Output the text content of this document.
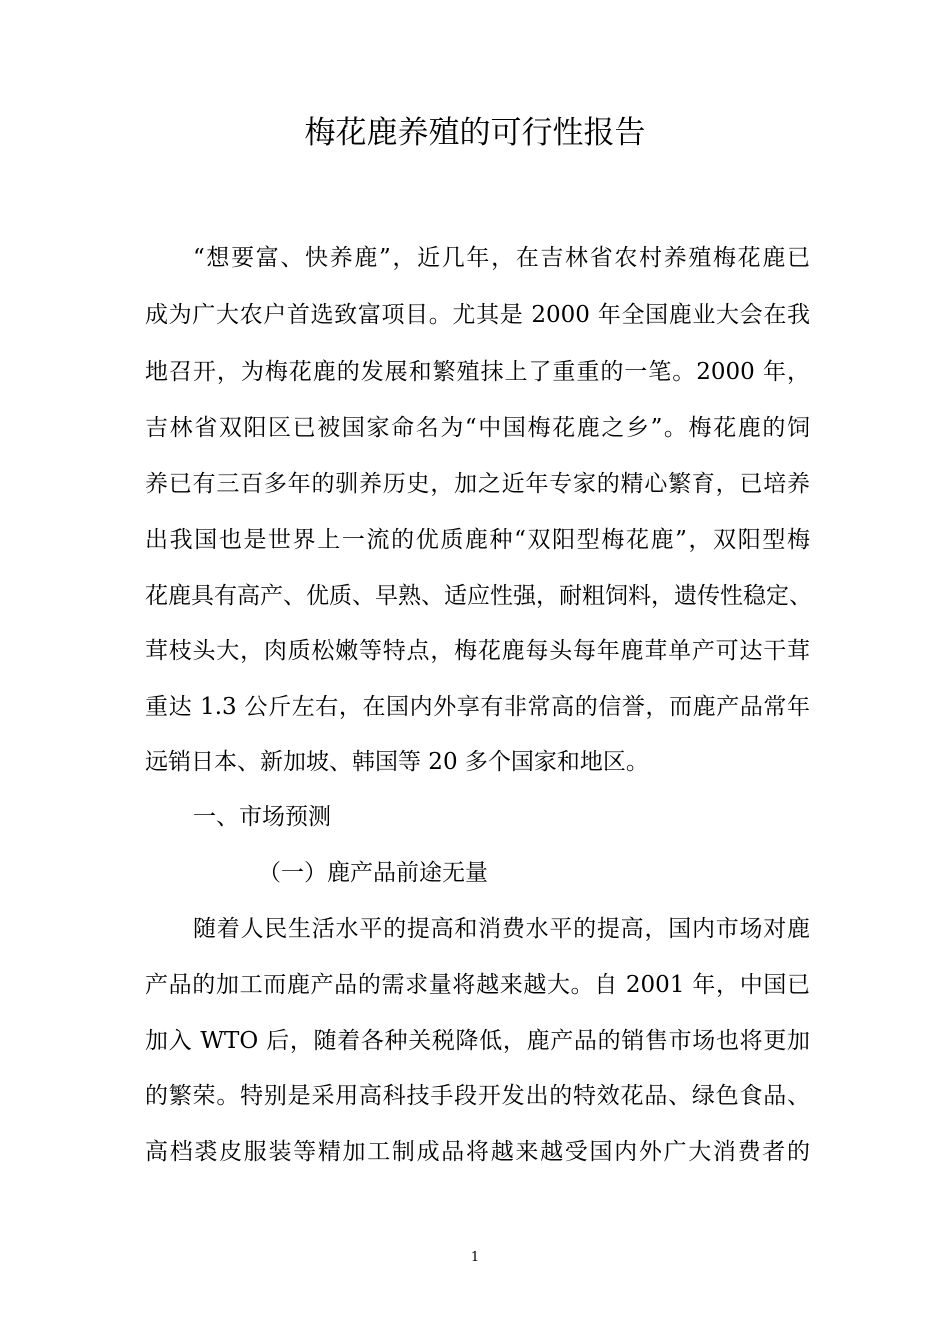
梅花鹿养殖的可行性报告
“想要富、快养鹿”，近几年，在吉林省农村养殖梅花鹿已
成为广大农户首选致富项目。尤其是 2000 年全国鹿业大会在我
地召开，为梅花鹿的发展和繁殖抹上了重重的一笔。2000 年，
吉林省双阳区已被国家命名为“中国梅花鹿之乡”。梅花鹿的饲
养已有三百多年的驯养历史，加之近年专家的精心繁育，已培养
出我国也是世界上一流的优质鹿种“双阳型梅花鹿”，双阳型梅
花鹿具有高产、优质、早熟、适应性强，耐粗饲料，遗传性稳定、
茸枝头大，肉质松嫩等特点，梅花鹿每头每年鹿茸单产可达干茸
重达 1.3 公斤左右，在国内外享有非常高的信誉，而鹿产品常年
远销日本、新加坡、韩国等 20 多个国家和地区。
一、市场预测
（一）鹿产品前途无量
随着人民生活水平的提高和消费水平的提高，国内市场对鹿
产品的加工而鹿产品的需求量将越来越大。自 2001 年，中国已
加入 WTO 后，随着各种关税降低，鹿产品的销售市场也将更加
的繁荣。特别是采用高科技手段开发出的特效花品、绿色食品、
高档裘皮服装等精加工制成品将越来越受国内外广大消费者的
1
